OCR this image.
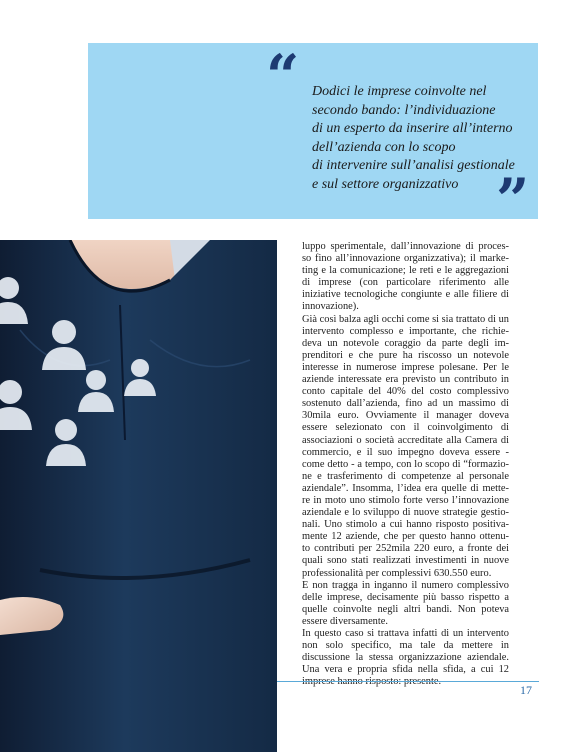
“ Dodici le imprese coinvolte nel
secondo bando: l’individuazione
di un esperto da inserire all’interno
dell’azienda con lo scopo
di intervenire sull’analisi gestionale
e sul settore organizzativo ”
luppo sperimentale, dall’innovazione di proces-
so fino all’innovazione organizzativa); il marke-
ting e la comunicazione; le reti e le aggregazioni
di imprese (con particolare riferimento alle
iniziative tecnologiche congiunte e alle filiere di
innovazione).
Già così balza agli occhi come si sia trattato di un
intervento complesso e importante, che richie-
deva un notevole coraggio da parte degli im-
prenditori e che pure ha riscosso un notevole
interesse in numerose imprese polesane. Per le
aziende interessate era previsto un contributo in
conto capitale del 40% del costo complessivo
sostenuto dall’azienda, fino ad un massimo di
30mila euro. Ovviamente il manager doveva
essere selezionato con il coinvolgimento di
associazioni o società accreditate alla Camera di
commercio, e il suo impegno doveva essere -
come detto - a tempo, con lo scopo di “formazio-
ne e trasferimento di competenze al personale
aziendale”. Insomma, l’idea era quelle di mette-
re in moto uno stimolo forte verso l’innovazione
aziendale e lo sviluppo di nuove strategie gestio-
nali. Uno stimolo a cui hanno risposto positiva-
mente 12 aziende, che per questo hanno ottenu-
to contributi per 252mila 220 euro, a fronte dei
quali sono stati realizzati investimenti in nuove
professionalità per complessivi 630.550 euro.
E non tragga in inganno il numero complessivo
delle imprese, decisamente più basso rispetto a
quelle coinvolte negli altri bandi. Non poteva
essere diversamente.
In questo caso si trattava infatti di un intervento
non solo specifico, ma tale da mettere in
discussione la stessa organizzazione aziendale.
Una vera e propria sfida nella sfida, a cui 12
17
